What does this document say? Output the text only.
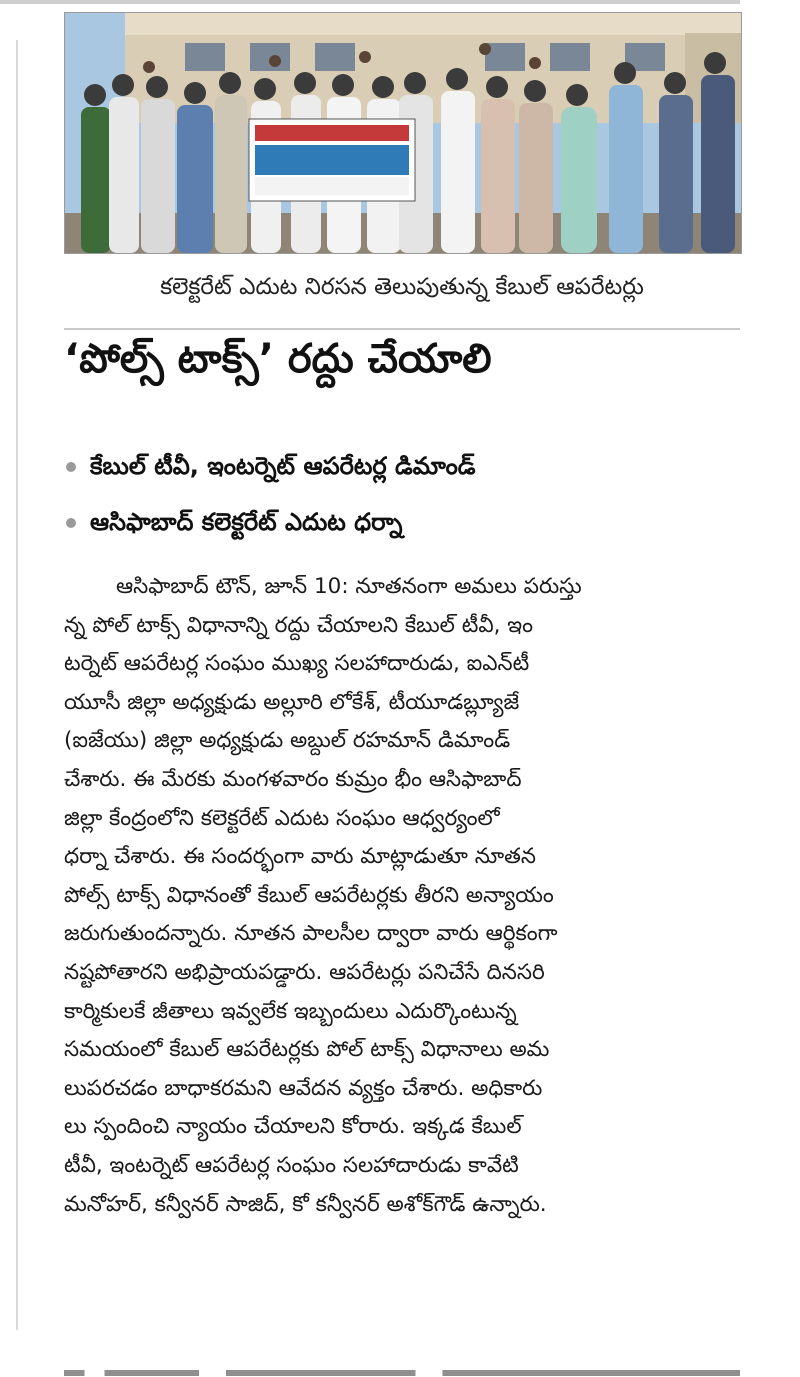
కలెక్టరేట్ ఎదుట నిరసన తెలుపుతున్న కేబుల్ ఆపరేటర్లు
‘పోల్స్ టాక్స్’ రద్దు చేయాలి
కేబుల్ టీవీ, ఇంటర్నెట్ ఆపరేటర్ల డిమాండ్
ఆసిఫాబాద్ కలెక్టరేట్ ఎదుట ధర్నా
ఆసిఫాబాద్ టౌన్, జూన్ 10: నూతనంగా అమలు పరుస్తు
న్న పోల్ టాక్స్ విధానాన్ని రద్దు చేయాలని కేబుల్ టీవీ, ఇం
టర్నెట్ ఆపరేటర్ల సంఘం ముఖ్య సలహాదారుడు, ఐఎన్‌టీ
యూసీ జిల్లా అధ్యక్షుడు అల్లూరి లోకేశ్, టీయూడబ్ల్యూజే
(ఐజేయు) జిల్లా అధ్యక్షుడు అబ్దుల్ రహమాన్ డిమాండ్
చేశారు. ఈ మేరకు మంగళవారం కుమ్రం భీం ఆసిఫాబాద్
జిల్లా కేంద్రంలోని కలెక్టరేట్ ఎదుట సంఘం ఆధ్వర్యంలో
ధర్నా చేశారు. ఈ సందర్భంగా వారు మాట్లాడుతూ నూతన
పోల్స్ టాక్స్ విధానంతో కేబుల్ ఆపరేటర్లకు తీరని అన్యాయం
జరుగుతుందన్నారు. నూతన పాలసీల ద్వారా వారు ఆర్థికంగా
నష్టపోతారని అభిప్రాయపడ్డారు. ఆపరేటర్లు పనిచేసే దినసరి
కార్మికులకే జీతాలు ఇవ్వలేక ఇబ్బందులు ఎదుర్కొంటున్న
సమయంలో కేబుల్ ఆపరేటర్లకు పోల్ టాక్స్ విధానాలు అమ
లుపరచడం బాధాకరమని ఆవేదన వ్యక్తం చేశారు. అధికారు
లు స్పందించి న్యాయం చేయాలని కోరారు. ఇక్కడ కేబుల్
టీవీ, ఇంటర్నెట్ ఆపరేటర్ల సంఘం సలహాదారుడు కావేటి
మనోహర్, కన్వీనర్ సాజిద్, కో కన్వీనర్ అశోక్‌గౌడ్ ఉన్నారు.
